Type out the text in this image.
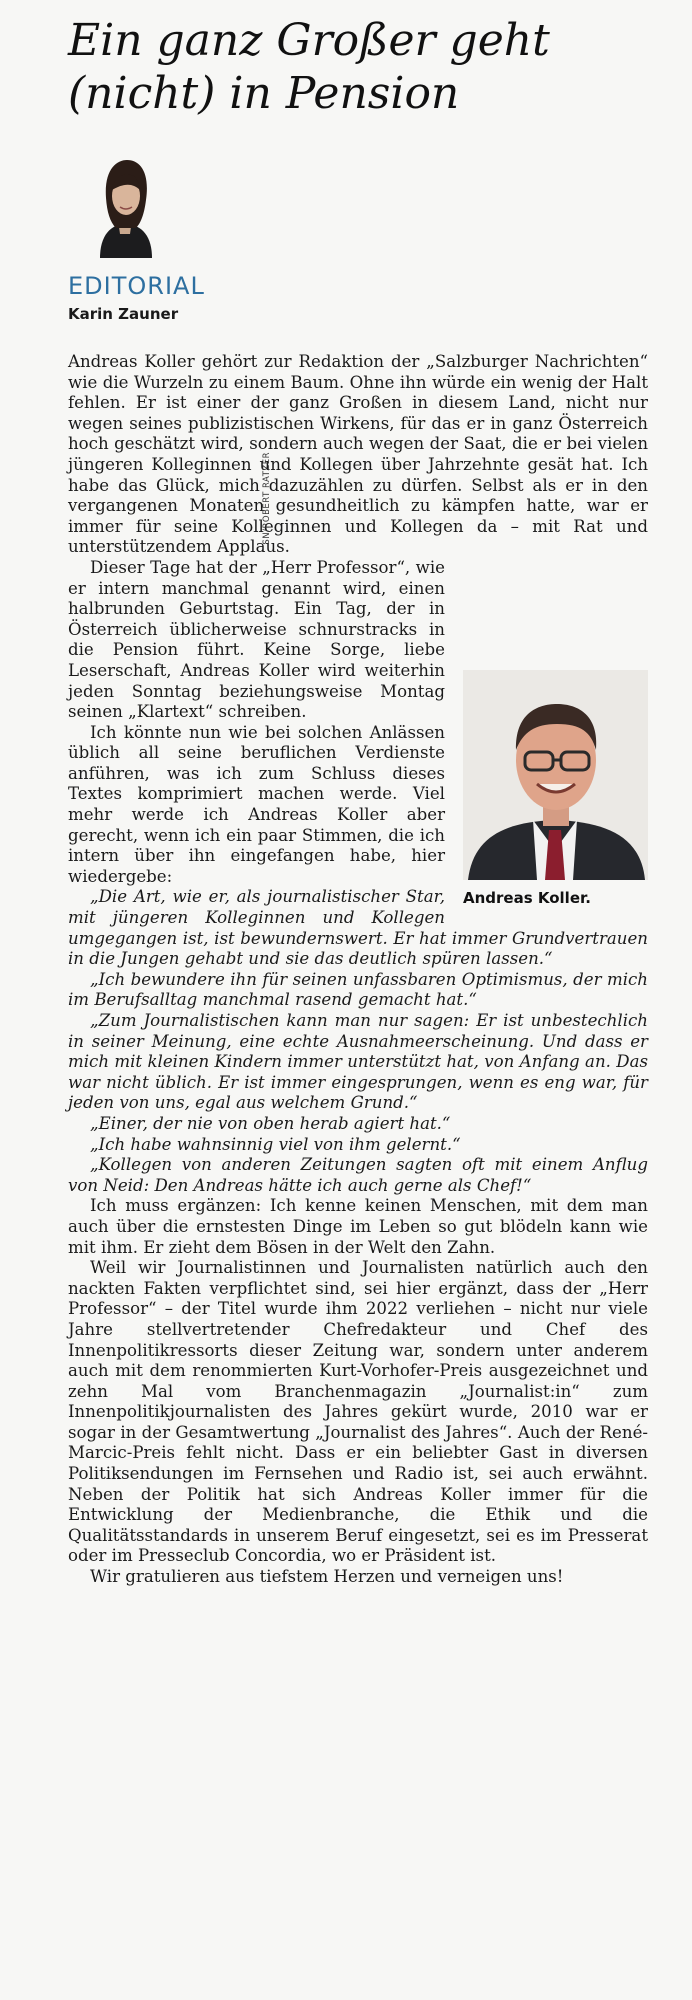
Ein ganz Großer geht
(nicht) in Pension
EDITORIAL
Karin Zauner

Andreas Koller gehört zur Redaktion der „Salzburger Nachrichten“ wie die Wurzeln zu einem Baum. Ohne ihn würde ein wenig der Halt fehlen. Er ist einer der ganz Großen in diesem Land, nicht nur wegen seines publizistischen Wirkens, für das er in ganz Österreich hoch geschätzt wird, sondern auch wegen der Saat, die er bei vielen jüngeren Kolleginnen und Kollegen über Jahrzehnte gesät hat. Ich habe das Glück, mich dazuzählen zu dürfen. Selbst als er in den vergangenen Monaten gesundheitlich zu kämpfen hatte, war er immer für seine Kolleginnen und Kollegen da – mit Rat und unterstützendem Applaus.

SN/ROBERT RATZER
Andreas Koller.

Dieser Tage hat der „Herr Professor“, wie er intern manchmal genannt wird, einen halbrunden Geburtstag. Ein Tag, der in Österreich üblicherweise schnurstracks in die Pension führt. Keine Sorge, liebe Leserschaft, Andreas Koller wird weiterhin jeden Sonntag beziehungsweise Montag seinen „Klartext“ schreiben.

Ich könnte nun wie bei solchen Anlässen üblich all seine beruflichen Verdienste anführen, was ich zum Schluss dieses Textes komprimiert machen werde. Viel mehr werde ich Andreas Koller aber gerecht, wenn ich ein paar Stimmen, die ich intern über ihn eingefangen habe, hier wiedergebe:

„Die Art, wie er, als journalistischer Star, mit jüngeren Kolleginnen und Kollegen umgegangen ist, ist bewundernswert. Er hat immer Grundvertrauen in die Jungen gehabt und sie das deutlich spüren lassen.“

„Ich bewundere ihn für seinen unfassbaren Optimismus, der mich im Berufsalltag manchmal rasend gemacht hat.“

„Zum Journalistischen kann man nur sagen: Er ist unbestechlich in seiner Meinung, eine echte Ausnahmeerscheinung. Und dass er mich mit kleinen Kindern immer unterstützt hat, von Anfang an. Das war nicht üblich. Er ist immer eingesprungen, wenn es eng war, für jeden von uns, egal aus welchem Grund.“

„Einer, der nie von oben herab agiert hat.“

„Ich habe wahnsinnig viel von ihm gelernt.“

„Kollegen von anderen Zeitungen sagten oft mit einem Anflug von Neid: Den Andreas hätte ich auch gerne als Chef!“

Ich muss ergänzen: Ich kenne keinen Menschen, mit dem man auch über die ernstesten Dinge im Leben so gut blödeln kann wie mit ihm. Er zieht dem Bösen in der Welt den Zahn.

Weil wir Journalistinnen und Journalisten natürlich auch den nackten Fakten verpflichtet sind, sei hier ergänzt, dass der „Herr Professor“ – der Titel wurde ihm 2022 verliehen – nicht nur viele Jahre stellvertretender Chefredakteur und Chef des Innenpolitikressorts dieser Zeitung war, sondern unter anderem auch mit dem renommierten Kurt-Vorhofer-Preis ausgezeichnet und zehn Mal vom Branchenmagazin „Journalist:in“ zum Innenpolitikjournalisten des Jahres gekürt wurde, 2010 war er sogar in der Gesamtwertung „Journalist des Jahres“. Auch der René-Marcic-Preis fehlt nicht. Dass er ein beliebter Gast in diversen Politiksendungen im Fernsehen und Radio ist, sei auch erwähnt. Neben der Politik hat sich Andreas Koller immer für die Entwicklung der Medienbranche, die Ethik und die Qualitätsstandards in unserem Beruf eingesetzt, sei es im Presserat oder im Presseclub Concordia, wo er Präsident ist.

Wir gratulieren aus tiefstem Herzen und verneigen uns!
